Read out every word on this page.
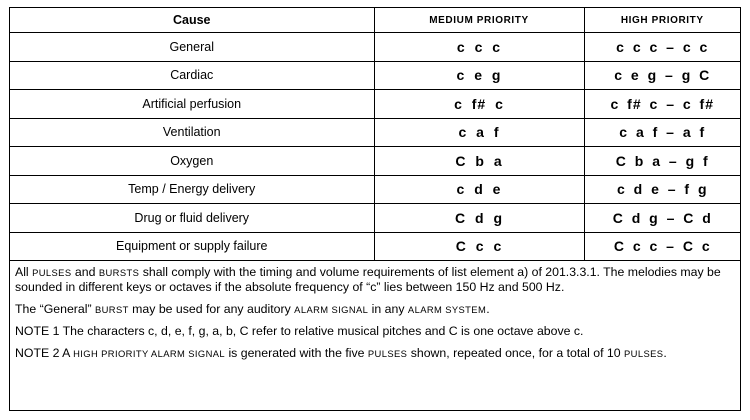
Cause	MEDIUM PRIORITY	HIGH PRIORITY
General	c c c	c c c – c c
Cardiac	c e g	c e g – g C
Artificial perfusion	c f# c	c f# c – c f#
Ventilation	c a f	c a f – a f
Oxygen	C b a	C b a – g f
Temp / Energy delivery	c d e	c d e – f g
Drug or fluid delivery	C d g	C d g – C d
Equipment or supply failure	C c c	C c c – C c

All PULSES and BURSTS shall comply with the timing and volume requirements of list element a) of 201.3.3.1. The melodies may be sounded in different keys or octaves if the absolute frequency of “c” lies between 150 Hz and 500 Hz.

The “General” BURST may be used for any auditory ALARM SIGNAL in any ALARM SYSTEM.

NOTE 1 The characters c, d, e, f, g, a, b, C refer to relative musical pitches and C is one octave above c.

NOTE 2 A HIGH PRIORITY ALARM SIGNAL is generated with the five PULSES shown, repeated once, for a total of 10 PULSES.
